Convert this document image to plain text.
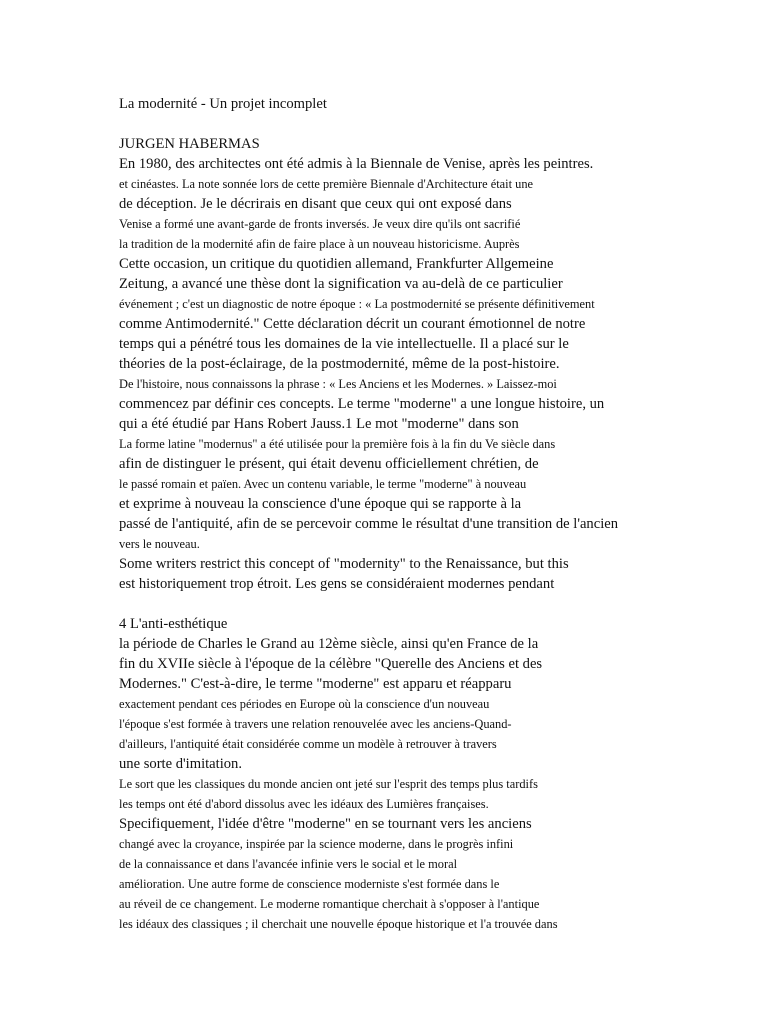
La modernité - Un projet incomplet
JURGEN HABERMAS
En 1980, des architectes ont été admis à la Biennale de Venise, après les peintres.
et cinéastes. La note sonnée lors de cette première Biennale d'Architecture était une
de déception. Je le décrirais en disant que ceux qui ont exposé dans
Venise a formé une avant-garde de fronts inversés. Je veux dire qu'ils ont sacrifié
la tradition de la modernité afin de faire place à un nouveau historicisme. Auprès
Cette occasion, un critique du quotidien allemand, Frankfurter Allgemeine
Zeitung, a avancé une thèse dont la signification va au-delà de ce particulier
événement ; c'est un diagnostic de notre époque : « La postmodernité se présente définitivement
comme Antimodernité." Cette déclaration décrit un courant émotionnel de notre
temps qui a pénétré tous les domaines de la vie intellectuelle. Il a placé sur le
théories de la post-éclairage, de la postmodernité, même de la post-histoire.
De l'histoire, nous connaissons la phrase : « Les Anciens et les Modernes. » Laissez-moi
commencez par définir ces concepts. Le terme "moderne" a une longue histoire, un
qui a été étudié par Hans Robert Jauss.1 Le mot "moderne" dans son
La forme latine "modernus" a été utilisée pour la première fois à la fin du Ve siècle dans
afin de distinguer le présent, qui était devenu officiellement chrétien, de
le passé romain et païen. Avec un contenu variable, le terme "moderne" à nouveau
et exprime à nouveau la conscience d'une époque qui se rapporte à la
passé de l'antiquité, afin de se percevoir comme le résultat d'une transition de l'ancien
vers le nouveau.
Some writers restrict this concept of "modernity" to the Renaissance, but this
est historiquement trop étroit. Les gens se considéraient modernes pendant
4 L'anti-esthétique
la période de Charles le Grand au 12ème siècle, ainsi qu'en France de la
fin du XVIIe siècle à l'époque de la célèbre "Querelle des Anciens et des
Modernes." C'est-à-dire, le terme "moderne" est apparu et réapparu
exactement pendant ces périodes en Europe où la conscience d'un nouveau
l'époque s'est formée à travers une relation renouvelée avec les anciens-Quand-
d'ailleurs, l'antiquité était considérée comme un modèle à retrouver à travers
une sorte d'imitation.
Le sort que les classiques du monde ancien ont jeté sur l'esprit des temps plus tardifs
les temps ont été d'abord dissolus avec les idéaux des Lumières françaises.
Specifiquement, l'idée d'être "moderne" en se tournant vers les anciens
changé avec la croyance, inspirée par la science moderne, dans le progrès infini
de la connaissance et dans l'avancée infinie vers le social et le moral
amélioration. Une autre forme de conscience moderniste s'est formée dans le
au réveil de ce changement. Le moderne romantique cherchait à s'opposer à l'antique
les idéaux des classiques ; il cherchait une nouvelle époque historique et l'a trouvée dans
